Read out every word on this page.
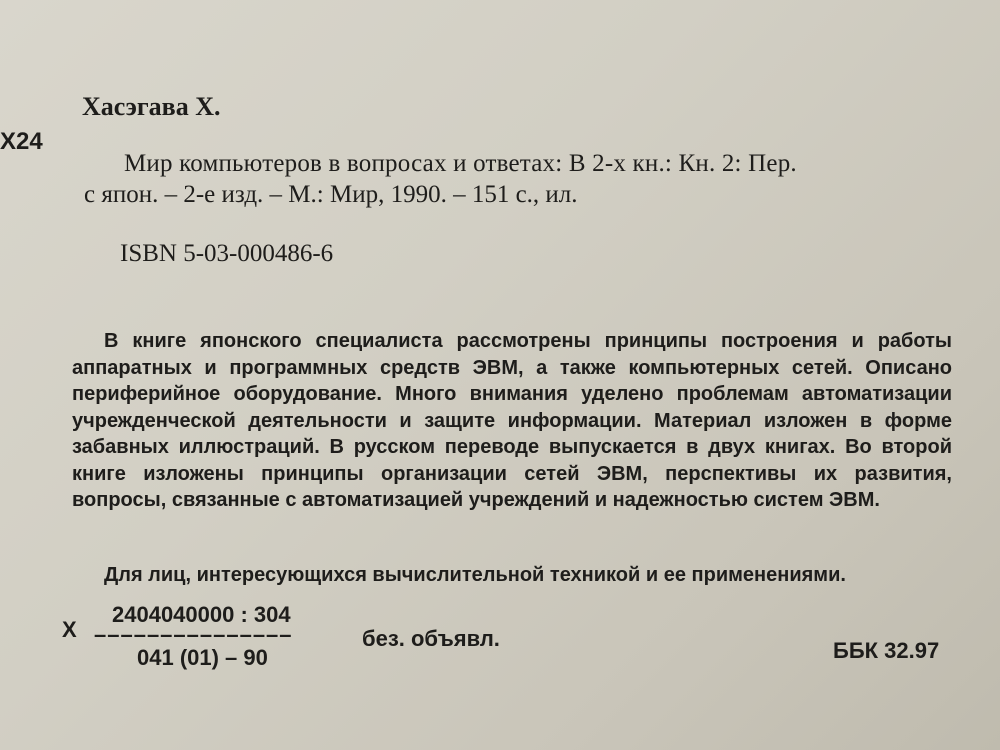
X24
Хасэгава Х.
Мир компьютеров в вопросах и ответах: В 2-х кн.: Кн. 2: Пер.
с япон. – 2-е изд. – М.: Мир, 1990. – 151 с., ил.
ISBN 5-03-000486-6

В книге японского специалиста рассмотрены принципы построения и работы аппаратных и программных средств ЭВМ, а также компьютерных сетей. Описано периферийное оборудование. Много внимания уделено проблемам автоматизации учрежденческой деятельности и защите информации. Материал изложен в форме забавных иллюстраций. В русском переводе выпускается в двух книгах. Во второй книге изложены принципы организации сетей ЭВМ, перспективы их развития, вопросы, связанные с автоматизацией учреждений и надежностью систем ЭВМ.

Для лиц, интересующихся вычислительной техникой и ее применениями.

Х
2404040000 : 304
–––––––––––––––
041 (01) – 90
без. объявл.	ББК 32.97
